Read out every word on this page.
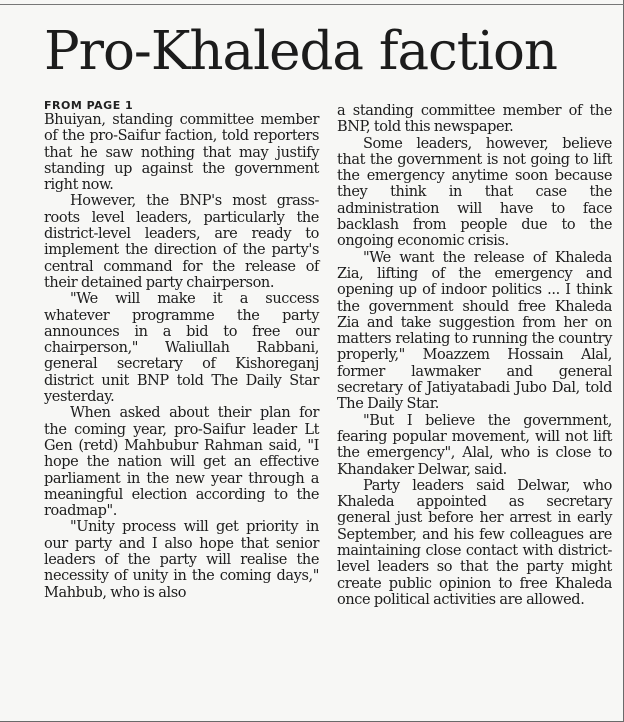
Pro-Khaleda faction
FROM PAGE 1

Bhuiyan, standing committee member of the pro-Saifur faction, told reporters that he saw nothing that may justify standing up against the government right now.

However, the BNP's most grass-roots level leaders, particularly the district-level leaders, are ready to implement the direction of the party's central command for the release of their detained party chairperson.

"We will make it a success whatever programme the party announces in a bid to free our chairperson," Waliullah Rabbani, general secretary of Kishoreganj district unit BNP told The Daily Star yesterday.

When asked about their plan for the coming year, pro-Saifur leader Lt Gen (retd) Mahbubur Rahman said, "I hope the nation will get an effective parliament in the new year through a meaningful election according to the roadmap".

"Unity process will get priority in our party and I also hope that senior leaders of the party will realise the necessity of unity in the coming days," Mahbub, who is also

a standing committee member of the BNP, told this newspaper.

Some leaders, however, believe that the government is not going to lift the emergency anytime soon because they think in that case the administration will have to face backlash from people due to the ongoing economic crisis.

"We want the release of Khaleda Zia, lifting of the emergency and opening up of indoor politics ... I think the government should free Khaleda Zia and take suggestion from her on matters relating to running the country properly," Moazzem Hossain Alal, former lawmaker and general secretary of Jatiyatabadi Jubo Dal, told The Daily Star.

"But I believe the government, fearing popular movement, will not lift the emergency", Alal, who is close to Khandaker Delwar, said.

Party leaders said Delwar, who Khaleda appointed as secretary general just before her arrest in early September, and his few colleagues are maintaining close contact with district-level leaders so that the party might create public opinion to free Khaleda once political activities are allowed.
